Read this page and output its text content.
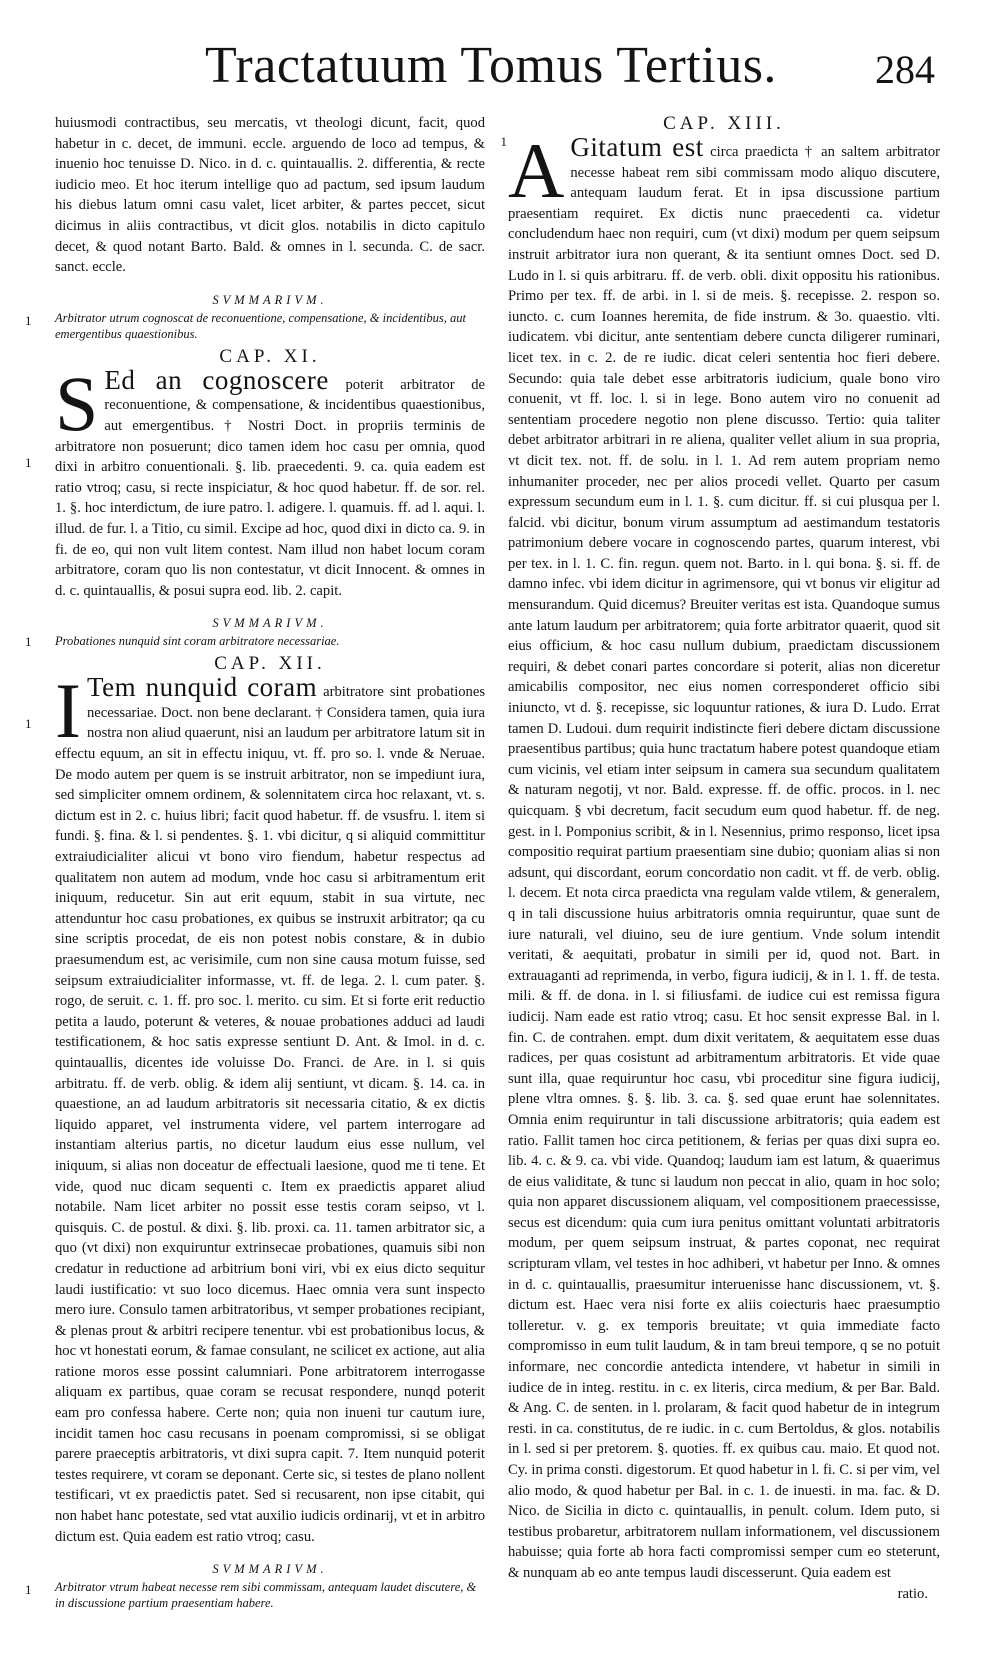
Tractatuum Tomus Tertius. 284

1
huiusmodi contractibus, seu mercatis, vt theologi dicunt, facit, quod habetur in c. decet, de immuni. eccle. arguendo de loco ad tempus, & inuenio hoc tenuisse D. Nico. in d. c. quintauallis. 2. differentia, & recte iudicio meo. Et hoc iterum intellige quo ad pactum, sed ipsum laudum his diebus latum omni casu valet, licet arbiter, & partes peccet, sicut dicimus in aliis contractibus, vt dicit glos. notabilis in dicto capitulo decet, & quod notant Barto. Bald. & omnes in l. secunda. C. de sacr. sanct. eccle.

SVMMARIVM.

1 Arbitrator utrum cognoscat de reconuentione, compensatione, & incidentibus, aut emergentibus quaestionibus.

CAP. XI.

1
S Ed an cognoscere poterit arbitrator de reconuentione, & compensatione, & incidentibus quaestionibus, aut emergentibus. † Nostri Doct. in propriis terminis de arbitratore non posuerunt; dico tamen idem hoc casu per omnia, quod dixi in arbitro conuentionali. §. lib. praecedenti. 9. ca. quia eadem est ratio vtroq; casu, si recte inspiciatur, & hoc quod habetur. ff. de sor. rel. 1. §. hoc interdictum, de iure patro. l. adigere. l. quamuis. ff. ad l. aqui. l. illud. de fur. l. a Titio, cu simil. Excipe ad hoc, quod dixi in dicto ca. 9. in fi. de eo, qui non vult litem contest. Nam illud non habet locum coram arbitratore, coram quo lis non contestatur, vt dicit Innocent. & omnes in d. c. quintauallis, & posui supra eod. lib. 2. capit.

SVMMARIVM.

1 Probationes nunquid sint coram arbitratore necessariae.

CAP. XII.

1 I Tem nunquid coram arbitratore sint probationes necessariae. Doct. non bene declarant. † Considera tamen, quia iura nostra non aliud quaerunt, nisi an laudum per arbitratore latum sit in effectu equum, an sit in effectu iniquu, vt. ff. pro so. l. vnde & Neruae. De modo autem per quem is se instruit arbitrator, non se impediunt iura, sed simpliciter omnem ordinem, & solennitatem circa hoc relaxant, vt. s. dictum est in 2. c. huius libri; facit quod habetur. ff. de vsusfru. l. item si fundi. §. fina. & l. si pendentes. §. 1. vbi dicitur, q si aliquid committitur extraiudicialiter alicui vt bono viro fiendum, habetur respectus ad qualitatem non autem ad modum, vnde hoc casu si arbitramentum erit iniquum, reducetur. Sin aut erit equum, stabit in sua virtute, nec attenduntur hoc casu probationes, ex quibus se instruxit arbitrator; qa cu sine scriptis procedat, de eis non potest nobis constare, & in dubio praesumendum est, ac verisimile, cum non sine causa motum fuisse, sed seipsum extraiudicialiter informasse, vt. ff. de lega. 2. l. cum pater. §. rogo, de seruit. c. 1. ff. pro soc. l. merito. cu sim. Et si forte erit reductio petita a laudo, poterunt & veteres, & nouae probationes adduci ad laudi testificationem, & hoc satis expresse sentiunt D. Ant. & Imol. in d. c. quintauallis, dicentes ide voluisse Do. Franci. de Are. in l. si quis arbitratu. ff. de verb. oblig. & idem alij sentiunt, vt dicam. §. 14. ca. in quaestione, an ad laudum arbitratoris sit necessaria citatio, & ex dictis liquido apparet, vel instrumenta videre, vel partem interrogare ad instantiam alterius partis, no dicetur laudum eius esse nullum, vel iniquum, si alias non doceatur de effectuali laesione, quod me ti tene. Et vide, quod nuc dicam sequenti c. Item ex praedictis apparet aliud notabile. Nam licet arbiter no possit esse testis coram seipso, vt l. quisquis. C. de postul. & dixi. §. lib. proxi. ca. 11. tamen arbitrator sic, a quo (vt dixi) non exquiruntur extrinsecae probationes, quamuis sibi non credatur in reductione ad arbitrium boni viri, vbi ex eius dicto sequitur laudi iustificatio: vt suo loco dicemus. Haec omnia vera sunt inspecto mero iure. Consulo tamen arbitratoribus, vt semper probationes recipiant, & plenas prout & arbitri recipere tenentur. vbi est probationibus locus, & hoc vt honestati eorum, & famae consulant, ne scilicet ex actione, aut alia ratione moros esse possint calumniari. Pone arbitratorem interrogasse aliquam ex partibus, quae coram se recusat respondere, nunqd poterit eam pro confessa habere. Certe non; quia non inueni tur cautum iure, incidit tamen hoc casu recusans in poenam compromissi, si se obligat parere praeceptis arbitratoris, vt dixi supra capit. 7. Item nunquid poterit testes requirere, vt coram se deponant. Certe sic, si testes de plano nollent testificari, vt ex praedictis patet. Sed si recusarent, non ipse citabit, qui non habet hanc potestate, sed vtat auxilio iudicis ordinarij, vt et in arbitro dictum est. Quia eadem est ratio vtroq; casu.

SVMMARIVM.

1 Arbitrator vtrum habeat necesse rem sibi commissam, antequam laudet discutere, & in discussione partium praesentiam habere.

CAP. XIII.

A Gitatum est circa praedicta † an saltem arbitrator necesse habeat rem sibi commissam modo aliquo discutere, antequam laudum ferat. Et in ipsa discussione partium praesentiam requiret. Ex dictis nunc praecedenti ca. videtur concludendum haec non requiri, cum (vt dixi) modum per quem seipsum instruit arbitrator iura non querant, & ita sentiunt omnes Doct. sed D. Ludo in l. si quis arbitraru. ff. de verb. obli. dixit oppositu his rationibus. Primo per tex. ff. de arbi. in l. si de meis. §. recepisse. 2. respon so. iuncto. c. cum Ioannes heremita, de fide instrum. & 3o. quaestio. vlti. iudicatem. vbi dicitur, ante sententiam debere cuncta diligerer ruminari, licet tex. in c. 2. de re iudic. dicat celeri sententia hoc fieri debere. Secundo: quia tale debet esse arbitratoris iudicium, quale bono viro conuenit, vt ff. loc. l. si in lege. Bono autem viro no conuenit ad sententiam procedere negotio non plene discusso. Tertio: quia taliter debet arbitrator arbitrari in re aliena, qualiter vellet alium in sua propria, vt dicit tex. not. ff. de solu. in l. 1. Ad rem autem propriam nemo inhumaniter proceder, nec per alios procedi vellet. Quarto per casum expressum secundum eum in l. 1. §. cum dicitur. ff. si cui plusqua per l. falcid. vbi dicitur, bonum virum assumptum ad aestimandum testatoris patrimonium debere vocare in cognoscendo partes, quarum interest, vbi per tex. in l. 1. C. fin. regun. quem not. Barto. in l. qui bona. §. si. ff. de damno infec. vbi idem dicitur in agrimensore, qui vt bonus vir eligitur ad mensurandum. Quid dicemus? Breuiter veritas est ista. Quandoque sumus ante latum laudum per arbitratorem; quia forte arbitrator quaerit, quod sit eius officium, & hoc casu nullum dubium, praedictam discussionem requiri, & debet conari partes concordare si poterit, alias non diceretur amicabilis compositor, nec eius nomen corresponderet officio sibi iniuncto, vt d. §. recepisse, sic loquuntur rationes, & iura D. Ludo. Errat tamen D. Ludoui. dum requirit indistincte fieri debere dictam discussione praesentibus partibus; quia hunc tractatum habere potest quandoque etiam cum vicinis, vel etiam inter seipsum in camera sua secundum qualitatem & naturam negotij, vt nor. Bald. expresse. ff. de offic. procos. in l. nec quicquam. § vbi decretum, facit secudum eum quod habetur. ff. de neg. gest. in l. Pomponius scribit, & in l. Nesennius, primo responso, licet ipsa compositio requirat partium praesentiam sine dubio; quoniam alias si non adsunt, qui discordant, eorum concordatio non cadit. vt ff. de verb. oblig. l. decem. Et nota circa praedicta vna regulam valde vtilem, & generalem, q in tali discussione huius arbitratoris omnia requiruntur, quae sunt de iure naturali, vel diuino, seu de iure gentium. Vnde solum intendit veritati, & aequitati, probatur in simili per id, quod not. Bart. in extrauaganti ad reprimenda, in verbo, figura iudicij, & in l. 1. ff. de testa. mili. & ff. de dona. in l. si filiusfami. de iudice cui est remissa figura iudicij. Nam eade est ratio vtroq; casu. Et hoc sensit expresse Bal. in l. fin. C. de contrahen. empt. dum dixit veritatem, & aequitatem esse duas radices, per quas cosistunt ad arbitramentum arbitratoris. Et vide quae sunt illa, quae requiruntur hoc casu, vbi proceditur sine figura iudicij, plene vltra omnes. §. §. lib. 3. ca. §. sed quae erunt hae solennitates. Omnia enim requiruntur in tali discussione arbitratoris; quia eadem est ratio. Fallit tamen hoc circa petitionem, & ferias per quas dixi supra eo. lib. 4. c. & 9. ca. vbi vide. Quandoq; laudum iam est latum, & quaerimus de eius validitate, & tunc si laudum non peccat in alio, quam in hoc solo; quia non apparet discussionem aliquam, vel compositionem praecessisse, secus est dicendum: quia cum iura penitus omittant voluntati arbitratoris modum, per quem seipsum instruat, & partes coponat, nec requirat scripturam vllam, vel testes in hoc adhiberi, vt habetur per Inno. & omnes in d. c. quintauallis, praesumitur interuenisse hanc discussionem, vt. §. dictum est. Haec vera nisi forte ex aliis coiecturis haec praesumptio tolleretur. v. g. ex temporis breuitate; vt quia immediate facto compromisso in eum tulit laudum, & in tam breui tempore, q se no potuit informare, nec concordie antedicta intendere, vt habetur in simili in iudice de in integ. restitu. in c. ex literis, circa medium, & per Bar. Bald. & Ang. C. de senten. in l. prolaram, & facit quod habetur de in integrum resti. in ca. constitutus, de re iudic. in c. cum Bertoldus, & glos. notabilis in l. sed si per pretorem. §. quoties. ff. ex quibus cau. maio. Et quod not. Cy. in prima consti. digestorum. Et quod habetur in l. fi. C. si per vim, vel alio modo, & quod habetur per Bal. in c. 1. de inuesti. in ma. fac. & D. Nico. de Sicilia in dicto c. quintauallis, in penult. colum. Idem puto, si testibus probaretur, arbitratorem nullam informationem, vel discussionem habuisse; quia forte ab hora facti compromissi semper cum eo steterunt, & nunquam ab eo ante tempus laudi discesserunt. Quia eadem est

ratio.
